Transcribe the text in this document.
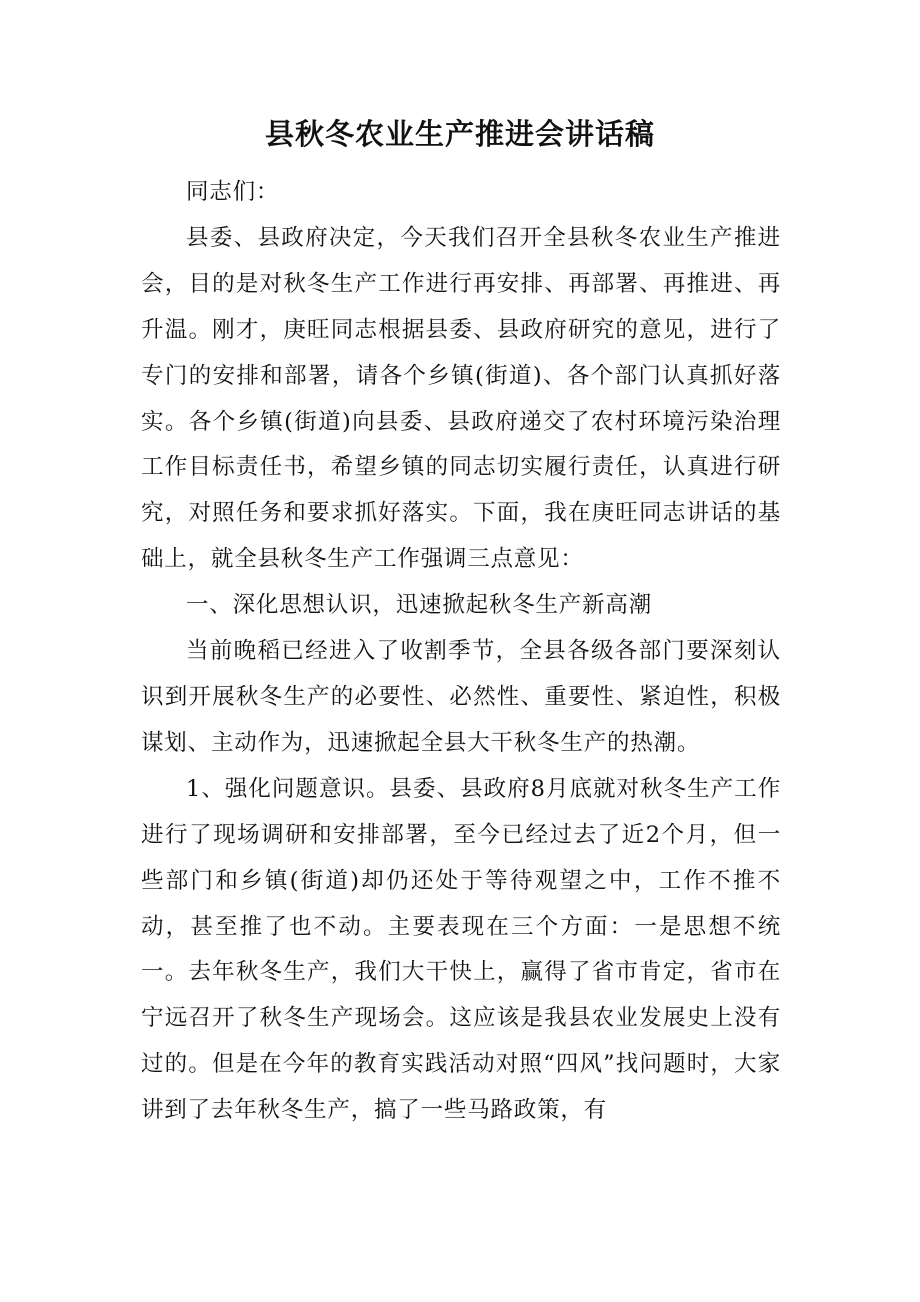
县秋冬农业生产推进会讲话稿

同志们：

县委、县政府决定，今天我们召开全县秋冬农业生产推进会，目的是对秋冬生产工作进行再安排、再部署、再推进、再升温。刚才，庚旺同志根据县委、县政府研究的意见，进行了专门的安排和部署，请各个乡镇(街道)、各个部门认真抓好落实。各个乡镇(街道)向县委、县政府递交了农村环境污染治理工作目标责任书，希望乡镇的同志切实履行责任，认真进行研究，对照任务和要求抓好落实。下面，我在庚旺同志讲话的基础上，就全县秋冬生产工作强调三点意见：

一、深化思想认识，迅速掀起秋冬生产新高潮

当前晚稻已经进入了收割季节，全县各级各部门要深刻认识到开展秋冬生产的必要性、必然性、重要性、紧迫性，积极谋划、主动作为，迅速掀起全县大干秋冬生产的热潮。

1、强化问题意识。县委、县政府8月底就对秋冬生产工作进行了现场调研和安排部署，至今已经过去了近2个月，但一些部门和乡镇(街道)却仍还处于等待观望之中，工作不推不动，甚至推了也不动。主要表现在三个方面：一是思想不统一。去年秋冬生产，我们大干快上，赢得了省市肯定，省市在宁远召开了秋冬生产现场会。这应该是我县农业发展史上没有过的。但是在今年的教育实践活动对照“四风”找问题时，大家讲到了去年秋冬生产，搞了一些马路政策，有
